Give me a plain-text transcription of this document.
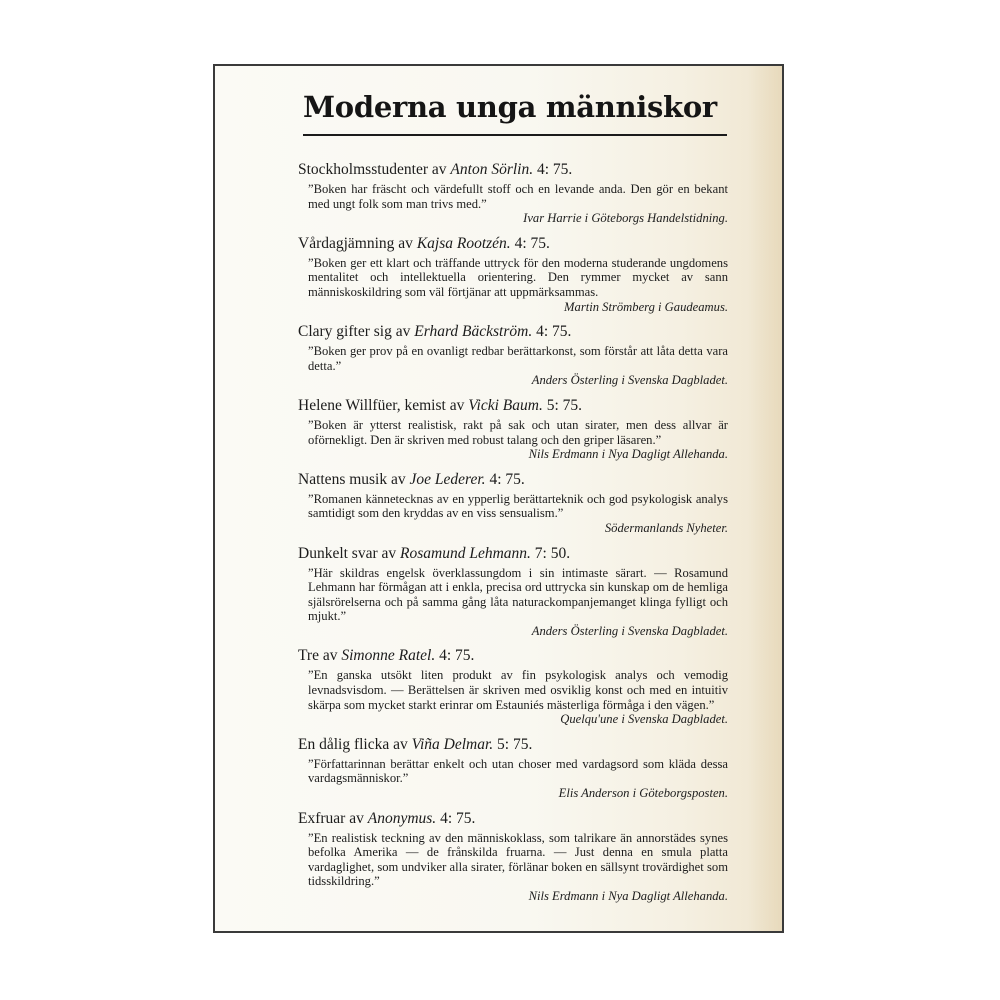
Moderna unga människor

Stockholmsstudenter av Anton Sörlin. 4: 75.

”Boken har fräscht och värdefullt stoff och en levande anda. Den gör en bekant med ungt folk som man trivs med.”

Ivar Harrie i Göteborgs Handelstidning.

Vårdagjämning av Kajsa Rootzén. 4: 75.

”Boken ger ett klart och träffande uttryck för den moderna studerande ungdomens mentalitet och intellektuella orientering. Den rymmer mycket av sann människoskildring som väl förtjänar att uppmärksammas.

Martin Strömberg i Gaudeamus.

Clary gifter sig av Erhard Bäckström. 4: 75.

”Boken ger prov på en ovanligt redbar berättarkonst, som förstår att låta detta vara detta.”

Anders Österling i Svenska Dagbladet.

Helene Willfüer, kemist av Vicki Baum. 5: 75.

”Boken är ytterst realistisk, rakt på sak och utan sirater, men dess allvar är oförnekligt. Den är skriven med robust talang och den griper läsaren.”

Nils Erdmann i Nya Dagligt Allehanda.

Nattens musik av Joe Lederer. 4: 75.

”Romanen kännetecknas av en ypperlig berättarteknik och god psykologisk analys samtidigt som den kryddas av en viss sensualism.”

Södermanlands Nyheter.

Dunkelt svar av Rosamund Lehmann. 7: 50.

”Här skildras engelsk överklassungdom i sin intimaste särart. — Rosamund Lehmann har förmågan att i enkla, precisa ord uttrycka sin kunskap om de hemliga själsrörelserna och på samma gång låta naturackompanjemanget klinga fylligt och mjukt.”

Anders Österling i Svenska Dagbladet.

Tre av Simonne Ratel. 4: 75.

”En ganska utsökt liten produkt av fin psykologisk analys och vemodig levnadsvisdom. — Berättelsen är skriven med osviklig konst och med en intuitiv skärpa som mycket starkt erinrar om Estauniés mästerliga förmåga i den vägen.”

Quelqu'une i Svenska Dagbladet.

En dålig flicka av Viña Delmar. 5: 75.

”Författarinnan berättar enkelt och utan choser med vardagsord som kläda dessa vardagsmänniskor.”

Elis Anderson i Göteborgsposten.

Exfruar av Anonymus. 4: 75.

”En realistisk teckning av den människoklass, som talrikare än annorstädes synes befolka Amerika — de frånskilda fruarna. — Just denna en smula platta vardaglighet, som undviker alla sirater, förlänar boken en sällsynt trovärdighet som tidsskildring.”

Nils Erdmann i Nya Dagligt Allehanda.
